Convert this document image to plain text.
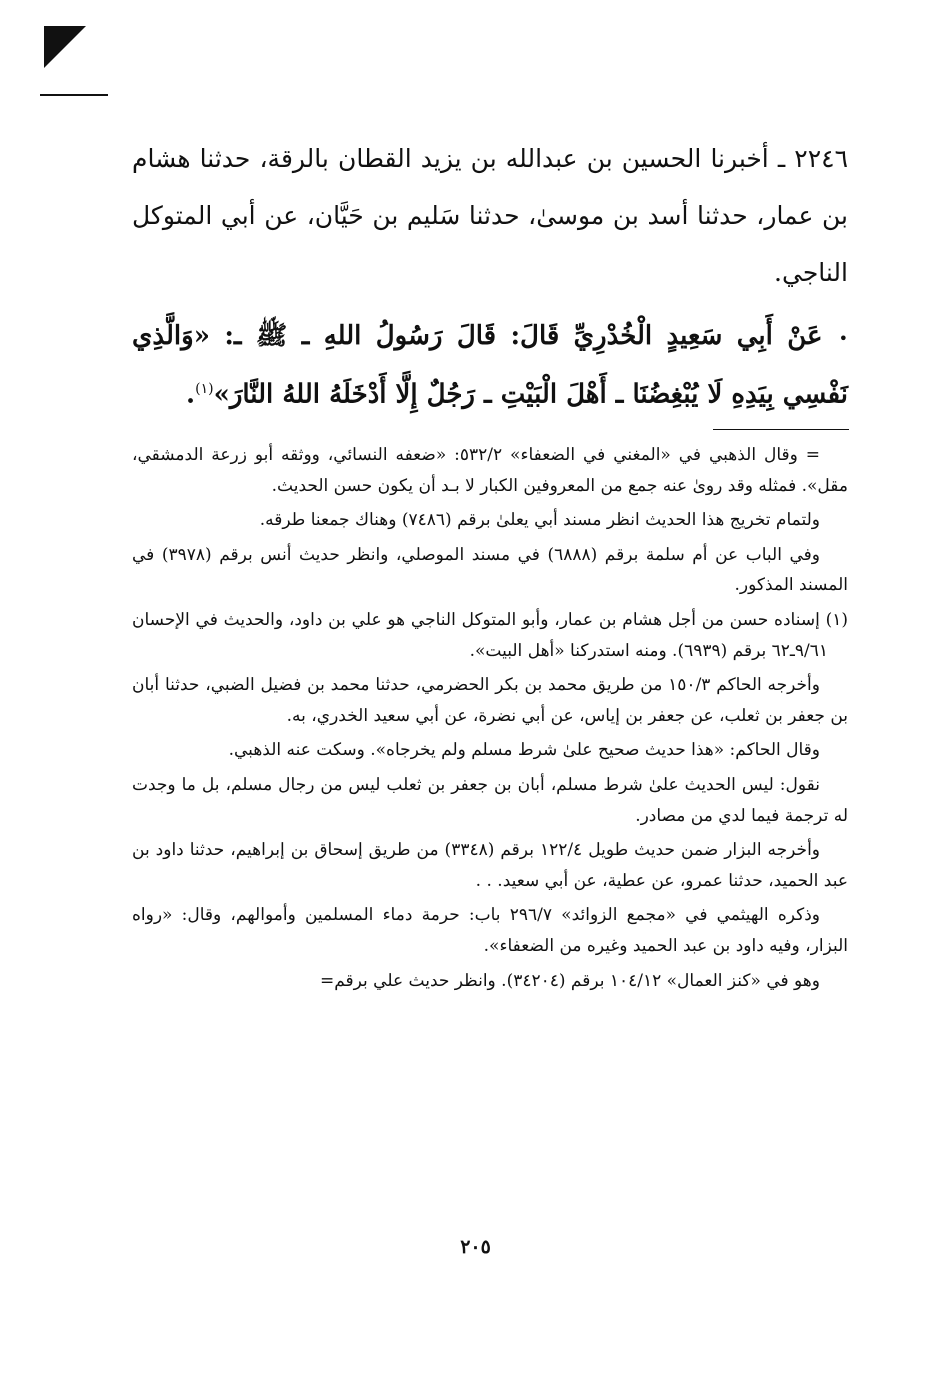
٢٢٤٦ ـ أخبرنا الحسين بن عبدالله بن يزيد القطان بالرقة، حدثنا هشام بن عمار، حدثنا أسد بن موسىٰ، حدثنا سَليم بن حَيَّان، عن أبي المتوكل الناجي.

•عَنْ أَبِي سَعِيدٍ الْخُدْرِيِّ قَالَ: قَالَ رَسُولُ اللهِ ـ ﷺ ـ: «وَالَّذِي نَفْسِي بِيَدِهِ لَا يُبْغِضُنَا ـ أَهْلَ الْبَيْتِ ـ رَجُلٌ إِلَّا أَدْخَلَهُ اللهُ النَّارَ»$^{(١)}$.

= وقال الذهبي في «المغني في الضعفاء» ٥٣٢/٢: «ضعفه النسائي، ووثقه أبو زرعة الدمشقي، مقل». فمثله وقد روىٰ عنه جمع من المعروفين الكبار لا بـد أن يكون حسن الحديث.

ولتمام تخريج هذا الحديث انظر مسند أبي يعلىٰ برقم (٧٤٨٦) وهناك جمعنا طرقه.

وفي الباب عن أم سلمة برقم (٦٨٨٨) في مسند الموصلي، وانظر حديث أنس برقم (٣٩٧٨) في المسند المذكور.

(١) إسناده حسن من أجل هشام بن عمار، وأبو المتوكل الناجي هو علي بن داود، والحديث في الإحسان ٩/٦١ـ٦٢ برقم (٦٩٣٩). ومنه استدركنا «أهل البيت».

وأخرجه الحاكم ١٥٠/٣ من طريق محمد بن بكر الحضرمي، حدثنا محمد بن فضيل الضبي، حدثنا أبان بن جعفر بن ثعلب، عن جعفر بن إياس، عن أبي نضرة، عن أبي سعيد الخدري، به.

وقال الحاكم: «هذا حديث صحيح علىٰ شرط مسلم ولم يخرجاه». وسكت عنه الذهبي.

نقول: ليس الحديث علىٰ شرط مسلم، أبان بن جعفر بن ثعلب ليس من رجال مسلم، بل ما وجدت له ترجمة فيما لدي من مصادر.

وأخرجه البزار ضمن حديث طويل ١٢٢/٤ برقم (٣٣٤٨) من طريق إسحاق بن إبراهيم، حدثنا داود بن عبد الحميد، حدثنا عمرو، عن عطية، عن أبي سعيد. . .

وذكره الهيثمي في «مجمع الزوائد» ٢٩٦/٧ باب: حرمة دماء المسلمين وأموالهم، وقال: «رواه البزار، وفيه داود بن عبد الحميد وغيره من الضعفاء».

وهو في «كنز العمال» ١٠٤/١٢ برقم (٣٤٢٠٤). وانظر حديث علي برقم=

٢٠٥
